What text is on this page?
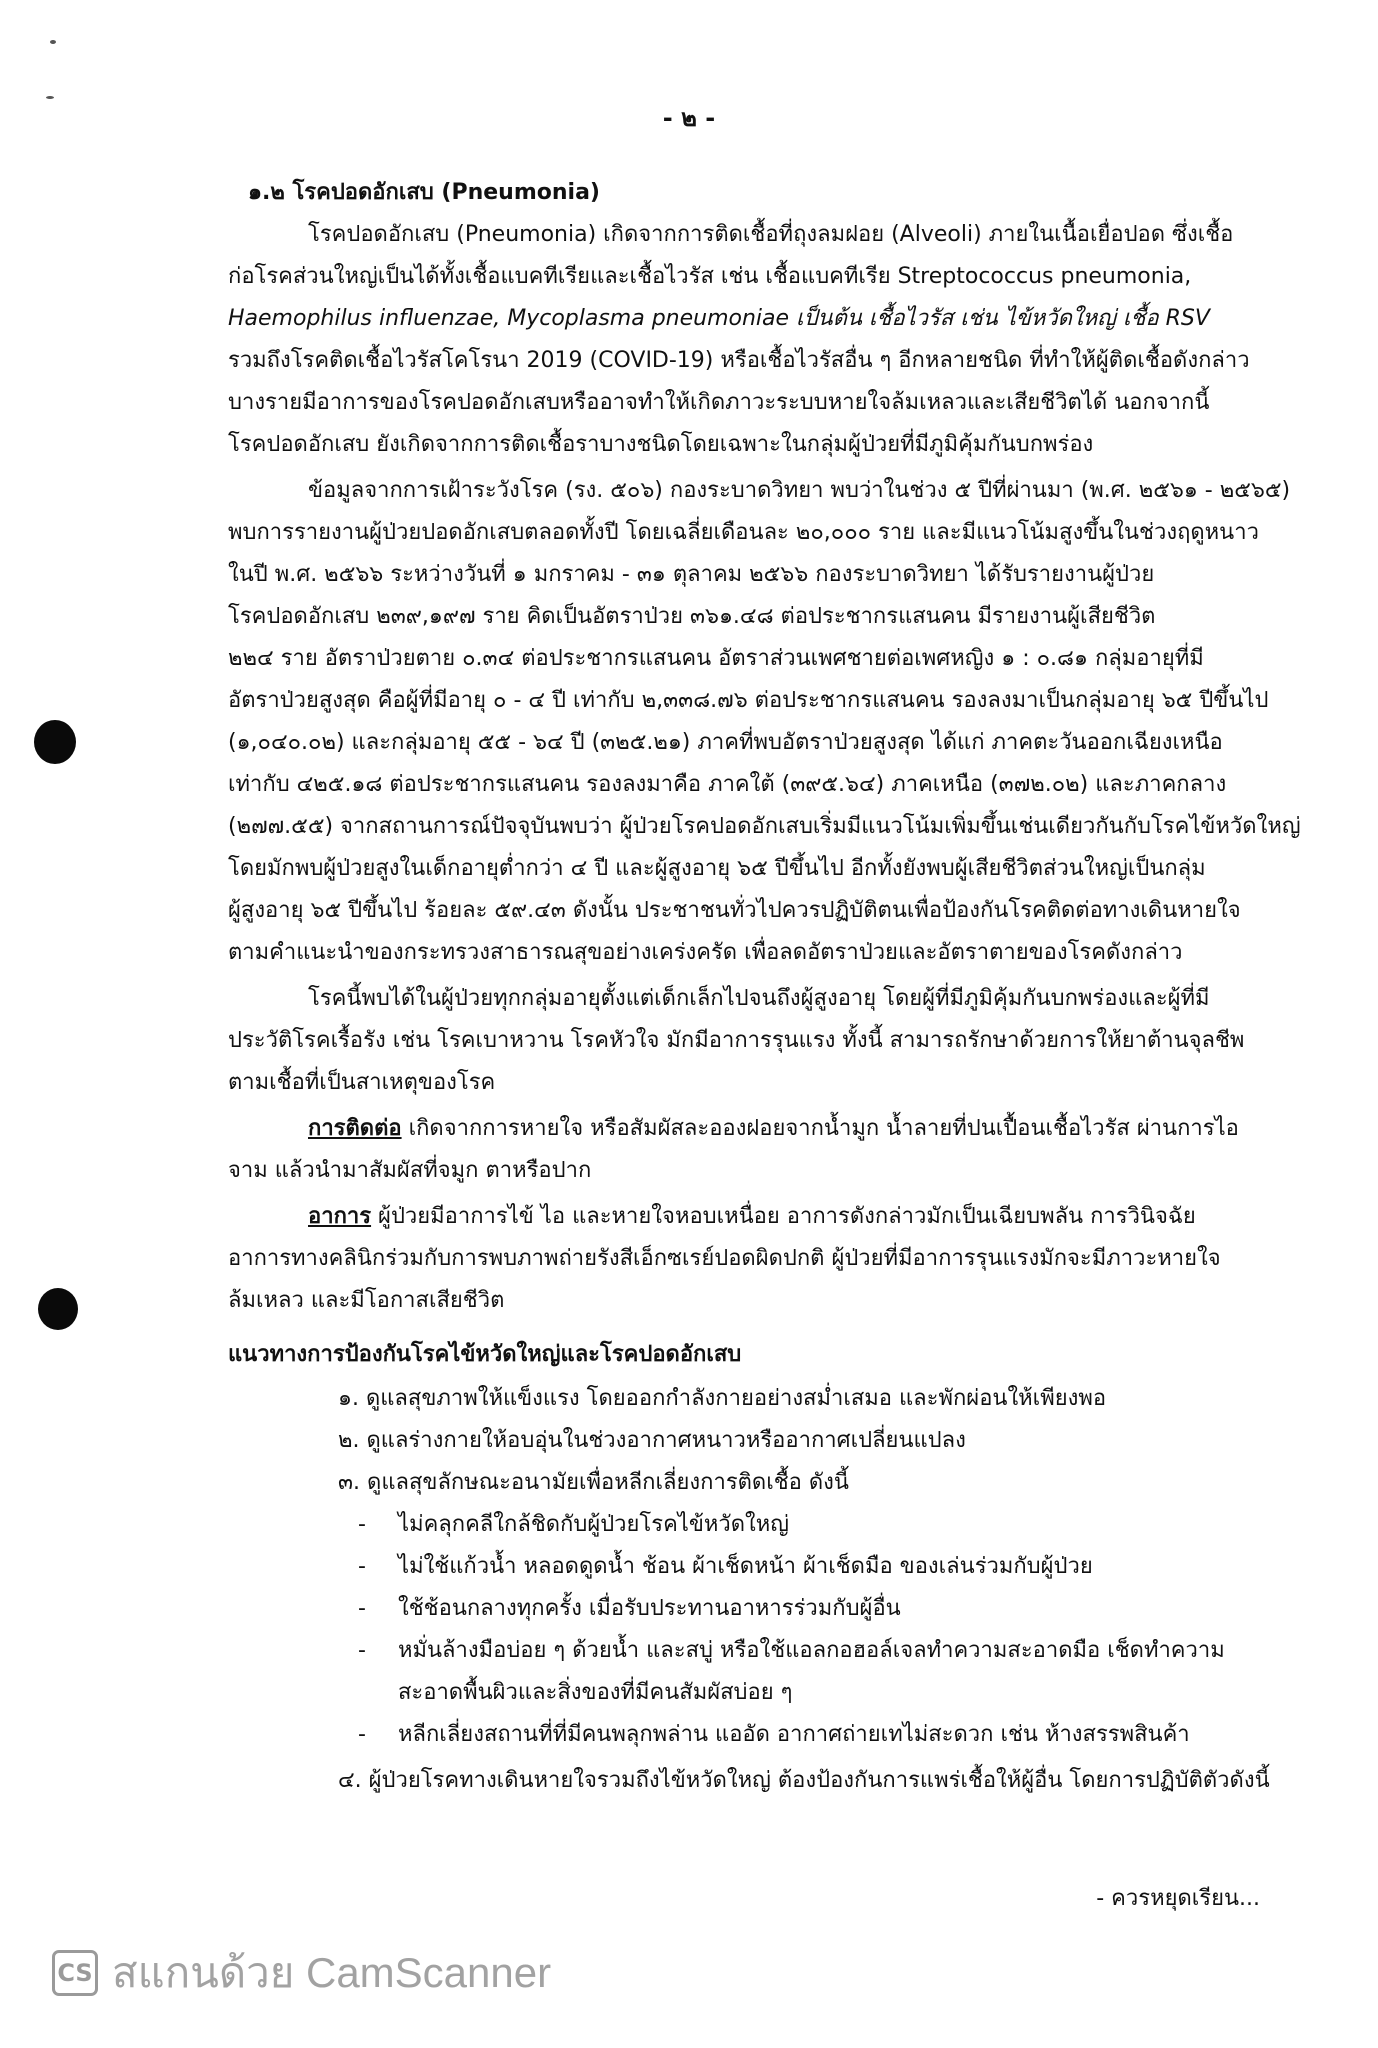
- ๒ -
๑.๒ โรคปอดอักเสบ (Pneumonia)
โรคปอดอักเสบ (Pneumonia) เกิดจากการติดเชื้อที่ถุงลมฝอย (Alveoli) ภายในเนื้อเยื่อปอด ซึ่งเชื้อ
ก่อโรคส่วนใหญ่เป็นได้ทั้งเชื้อแบคทีเรียและเชื้อไวรัส เช่น เชื้อแบคทีเรีย Streptococcus pneumonia,
Haemophilus influenzae, Mycoplasma pneumoniae เป็นต้น เชื้อไวรัส เช่น ไข้หวัดใหญ่ เชื้อ RSV
รวมถึงโรคติดเชื้อไวรัสโคโรนา 2019 (COVID-19) หรือเชื้อไวรัสอื่น ๆ อีกหลายชนิด ที่ทำให้ผู้ติดเชื้อดังกล่าว
บางรายมีอาการของโรคปอดอักเสบหรืออาจทำให้เกิดภาวะระบบหายใจล้มเหลวและเสียชีวิตได้ นอกจากนี้
โรคปอดอักเสบ ยังเกิดจากการติดเชื้อราบางชนิดโดยเฉพาะในกลุ่มผู้ป่วยที่มีภูมิคุ้มกันบกพร่อง
ข้อมูลจากการเฝ้าระวังโรค (รง. ๕๐๖) กองระบาดวิทยา พบว่าในช่วง ๕ ปีที่ผ่านมา (พ.ศ. ๒๕๖๑ - ๒๕๖๕)
พบการรายงานผู้ป่วยปอดอักเสบตลอดทั้งปี โดยเฉลี่ยเดือนละ ๒๐,๐๐๐ ราย และมีแนวโน้มสูงขึ้นในช่วงฤดูหนาว
ในปี พ.ศ. ๒๕๖๖ ระหว่างวันที่ ๑ มกราคม - ๓๑ ตุลาคม ๒๕๖๖ กองระบาดวิทยา ได้รับรายงานผู้ป่วย
โรคปอดอักเสบ ๒๓๙,๑๙๗ ราย คิดเป็นอัตราป่วย ๓๖๑.๔๘ ต่อประชากรแสนคน มีรายงานผู้เสียชีวิต
๒๒๔ ราย อัตราป่วยตาย ๐.๓๔ ต่อประชากรแสนคน อัตราส่วนเพศชายต่อเพศหญิง ๑ : ๐.๘๑ กลุ่มอายุที่มี
อัตราป่วยสูงสุด คือผู้ที่มีอายุ ๐ - ๔ ปี เท่ากับ ๒,๓๓๘.๗๖ ต่อประชากรแสนคน รองลงมาเป็นกลุ่มอายุ ๖๕ ปีขึ้นไป
(๑,๐๔๐.๐๒) และกลุ่มอายุ ๕๕ - ๖๔ ปี (๓๒๕.๒๑) ภาคที่พบอัตราป่วยสูงสุด ได้แก่ ภาคตะวันออกเฉียงเหนือ
เท่ากับ ๔๒๕.๑๘ ต่อประชากรแสนคน รองลงมาคือ ภาคใต้ (๓๙๕.๖๔) ภาคเหนือ (๓๗๒.๐๒) และภาคกลาง
(๒๗๗.๕๕) จากสถานการณ์ปัจจุบันพบว่า ผู้ป่วยโรคปอดอักเสบเริ่มมีแนวโน้มเพิ่มขึ้นเช่นเดียวกันกับโรคไข้หวัดใหญ่
โดยมักพบผู้ป่วยสูงในเด็กอายุต่ำกว่า ๔ ปี และผู้สูงอายุ ๖๕ ปีขึ้นไป อีกทั้งยังพบผู้เสียชีวิตส่วนใหญ่เป็นกลุ่ม
ผู้สูงอายุ ๖๕ ปีขึ้นไป ร้อยละ ๕๙.๔๓ ดังนั้น ประชาชนทั่วไปควรปฏิบัติตนเพื่อป้องกันโรคติดต่อทางเดินหายใจ
ตามคำแนะนำของกระทรวงสาธารณสุขอย่างเคร่งครัด เพื่อลดอัตราป่วยและอัตราตายของโรคดังกล่าว
โรคนี้พบได้ในผู้ป่วยทุกกลุ่มอายุตั้งแต่เด็กเล็กไปจนถึงผู้สูงอายุ โดยผู้ที่มีภูมิคุ้มกันบกพร่องและผู้ที่มี
ประวัติโรคเรื้อรัง เช่น โรคเบาหวาน โรคหัวใจ มักมีอาการรุนแรง ทั้งนี้ สามารถรักษาด้วยการให้ยาต้านจุลชีพ
ตามเชื้อที่เป็นสาเหตุของโรค
การติดต่อ เกิดจากการหายใจ หรือสัมผัสละอองฝอยจากน้ำมูก น้ำลายที่ปนเปื้อนเชื้อไวรัส ผ่านการไอ
จาม แล้วนำมาสัมผัสที่จมูก ตาหรือปาก
อาการ ผู้ป่วยมีอาการไข้ ไอ และหายใจหอบเหนื่อย อาการดังกล่าวมักเป็นเฉียบพลัน การวินิจฉัย
อาการทางคลินิกร่วมกับการพบภาพถ่ายรังสีเอ็กซเรย์ปอดผิดปกติ ผู้ป่วยที่มีอาการรุนแรงมักจะมีภาวะหายใจ
ล้มเหลว และมีโอกาสเสียชีวิต
แนวทางการป้องกันโรคไข้หวัดใหญ่และโรคปอดอักเสบ
๑. ดูแลสุขภาพให้แข็งแรง โดยออกกำลังกายอย่างสม่ำเสมอ และพักผ่อนให้เพียงพอ
๒. ดูแลร่างกายให้อบอุ่นในช่วงอากาศหนาวหรืออากาศเปลี่ยนแปลง
๓. ดูแลสุขลักษณะอนามัยเพื่อหลีกเลี่ยงการติดเชื้อ ดังนี้
- ไม่คลุกคลีใกล้ชิดกับผู้ป่วยโรคไข้หวัดใหญ่
- ไม่ใช้แก้วน้ำ หลอดดูดน้ำ ช้อน ผ้าเช็ดหน้า ผ้าเช็ดมือ ของเล่นร่วมกับผู้ป่วย
- ใช้ช้อนกลางทุกครั้ง เมื่อรับประทานอาหารร่วมกับผู้อื่น
- หมั่นล้างมือบ่อย ๆ ด้วยน้ำ และสบู่ หรือใช้แอลกอฮอล์เจลทำความสะอาดมือ เช็ดทำความ
สะอาดพื้นผิวและสิ่งของที่มีคนสัมผัสบ่อย ๆ
- หลีกเลี่ยงสถานที่ที่มีคนพลุกพล่าน แออัด อากาศถ่ายเทไม่สะดวก เช่น ห้างสรรพสินค้า
๔. ผู้ป่วยโรคทางเดินหายใจรวมถึงไข้หวัดใหญ่ ต้องป้องกันการแพร่เชื้อให้ผู้อื่น โดยการปฏิบัติตัวดังนี้
- ควรหยุดเรียน...
CS สแกนด้วย CamScanner
